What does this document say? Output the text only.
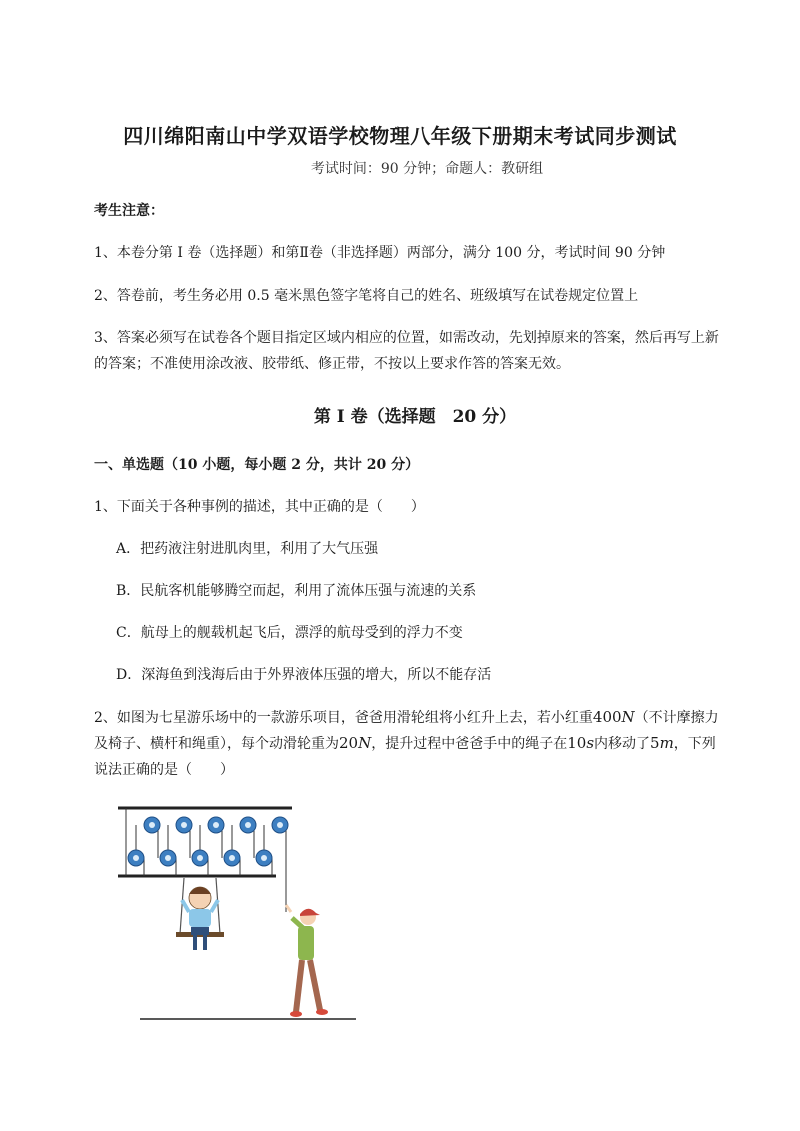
四川绵阳南山中学双语学校物理八年级下册期末考试同步测试
考试时间：90 分钟；命题人：教研组
考生注意：
1、本卷分第 I 卷（选择题）和第Ⅱ卷（非选择题）两部分，满分 100 分，考试时间 90 分钟
2、答卷前，考生务必用 0.5 毫米黑色签字笔将自己的姓名、班级填写在试卷规定位置上
3、答案必须写在试卷各个题目指定区域内相应的位置，如需改动，先划掉原来的答案，然后再写上新
的答案；不准使用涂改液、胶带纸、修正带，不按以上要求作答的答案无效。
第 I 卷（选择题　20 分）
一、单选题（10 小题，每小题 2 分，共计 20 分）
1、下面关于各种事例的描述，其中正确的是（　　）
A．把药液注射进肌肉里，利用了大气压强
B．民航客机能够腾空而起，利用了流体压强与流速的关系
C．航母上的舰载机起飞后，漂浮的航母受到的浮力不变
D．深海鱼到浅海后由于外界液体压强的增大，所以不能存活
2、如图为七星游乐场中的一款游乐项目，爸爸用滑轮组将小红升上去，若小红重400N（不计摩擦力
及椅子、横杆和绳重），每个动滑轮重为20N，提升过程中爸爸手中的绳子在10s内移动了5m，下列
说法正确的是（　　）
